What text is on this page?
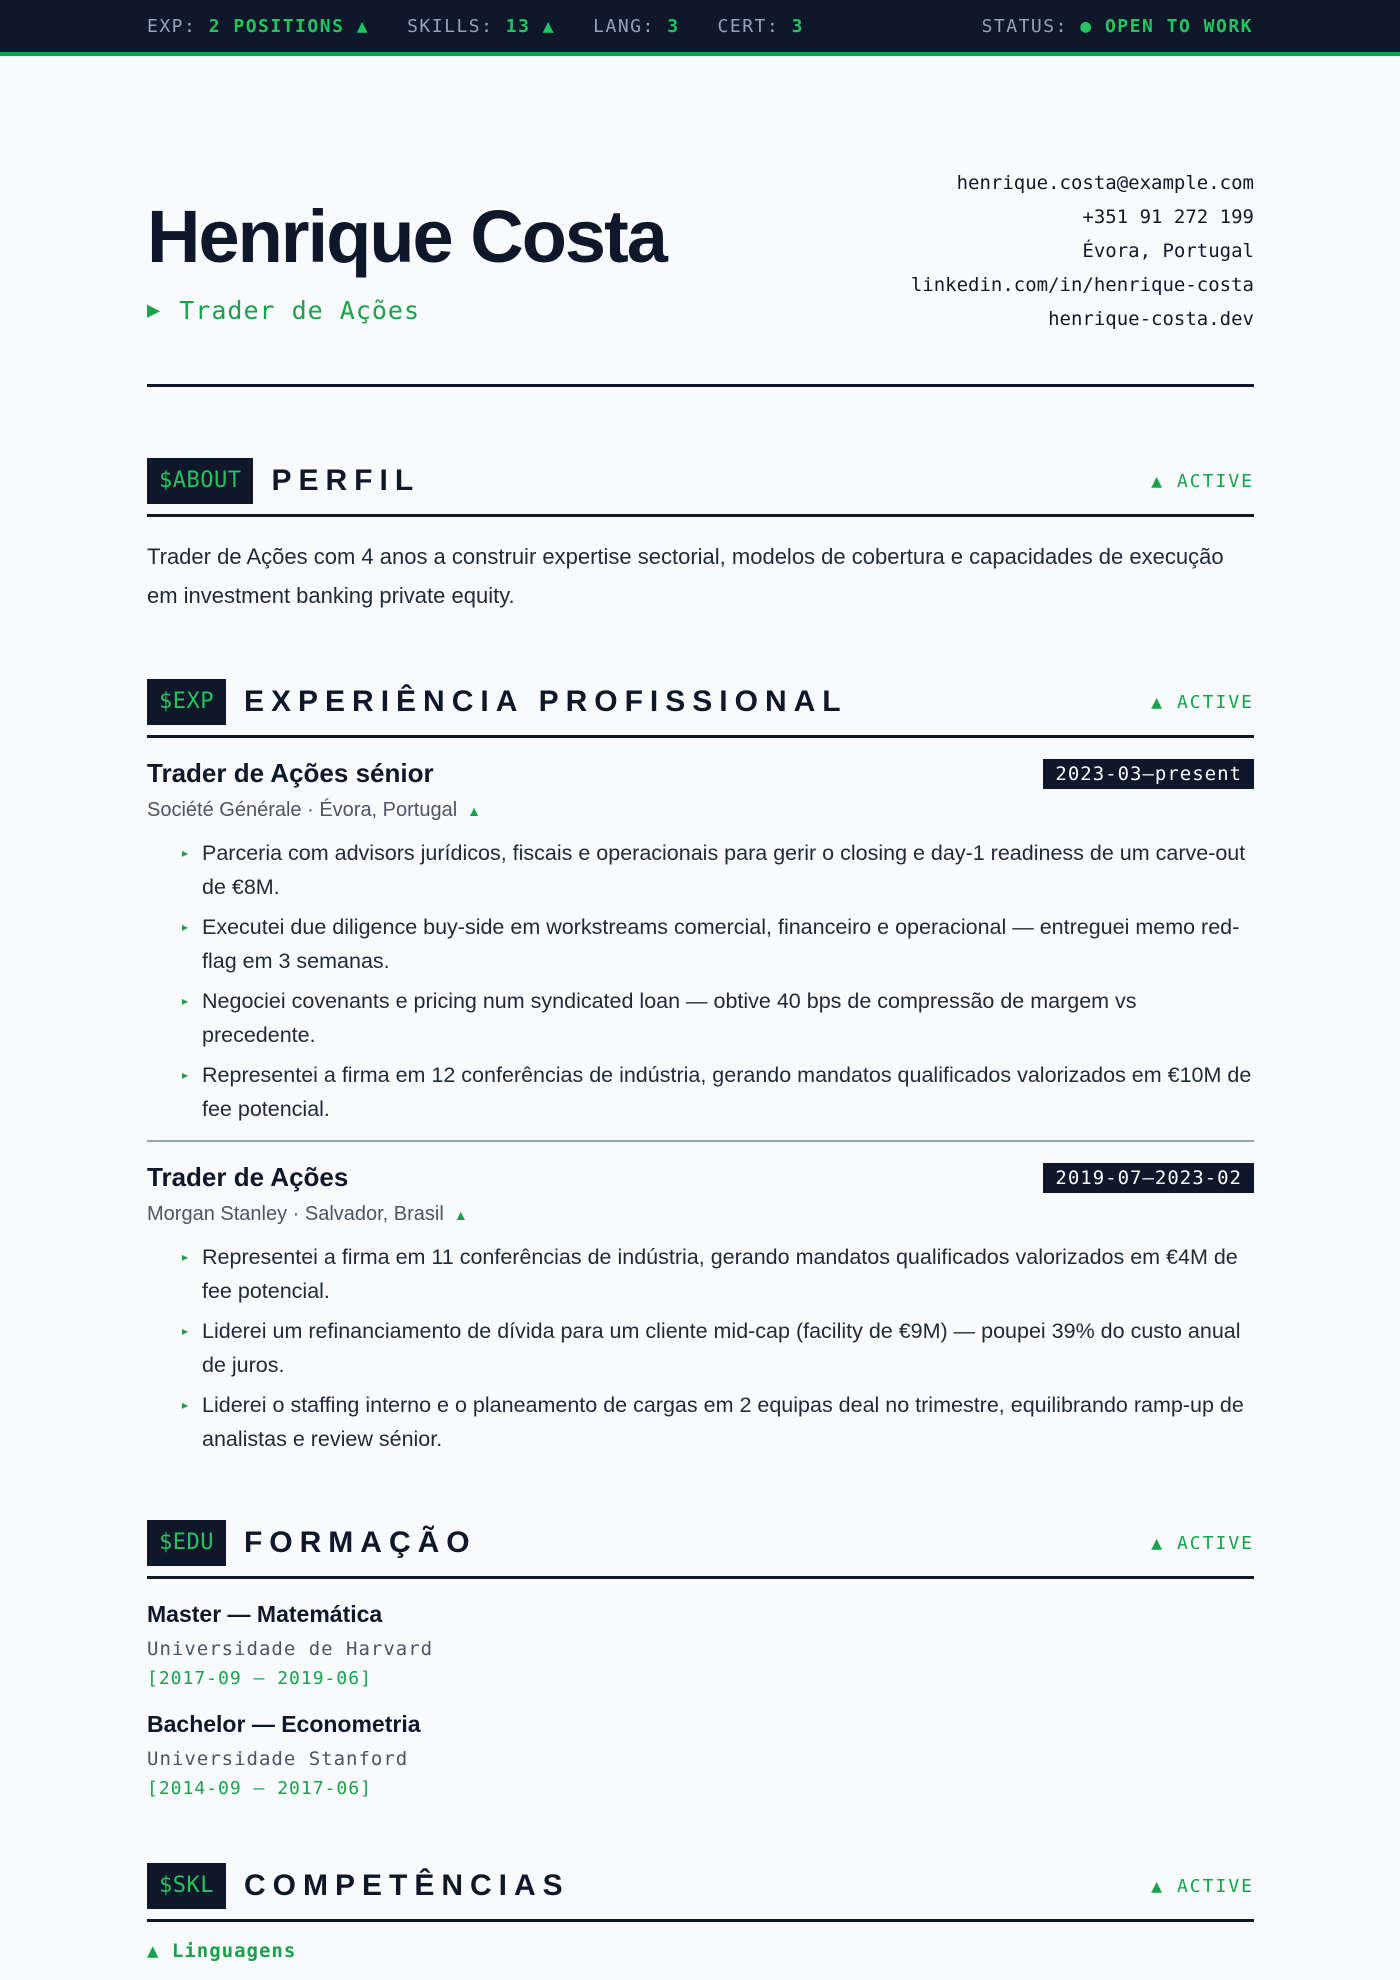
EXP: 2 POSITIONS ▲ SKILLS: 13 ▲ LANG: 3 CERT: 3	STATUS: ● OPEN TO WORK
Henrique Costa
▶ Trader de Ações
henrique.costa@example.com
+351 91 272 199
Évora, Portugal
linkedin.com/in/henrique-costa
henrique-costa.dev
$ABOUT	PERFIL	▲ ACTIVE

Trader de Ações com 4 anos a construir expertise sectorial, modelos de cobertura e capacidades de execução em investment banking private equity.

$EXP	EXPERIÊNCIA PROFISSIONAL	▲ ACTIVE
Trader de Ações sénior	2023-03—present
Société Générale · Évora, Portugal ▲
▸ Parceria com advisors jurídicos, fiscais e operacionais para gerir o closing e day-1 readiness de um carve-out de €8M.
▸ Executei due diligence buy-side em workstreams comercial, financeiro e operacional — entreguei memo red-flag em 3 semanas.
▸ Negociei covenants e pricing num syndicated loan — obtive 40 bps de compressão de margem vs precedente.
▸ Representei a firma em 12 conferências de indústria, gerando mandatos qualificados valorizados em €10M de fee potencial.
Trader de Ações	2019-07—2023-02
Morgan Stanley · Salvador, Brasil ▲
▸ Representei a firma em 11 conferências de indústria, gerando mandatos qualificados valorizados em €4M de fee potencial.
▸ Liderei um refinanciamento de dívida para um cliente mid-cap (facility de €9M) — poupei 39% do custo anual de juros.
▸ Liderei o staffing interno e o planeamento de cargas em 2 equipas deal no trimestre, equilibrando ramp-up de analistas e review sénior.
$EDU	FORMAÇÃO	▲ ACTIVE
Master — Matemática
Universidade de Harvard
[2017-09 – 2019-06]
Bachelor — Econometria
Universidade Stanford
[2014-09 – 2017-06]
$SKL	COMPETÊNCIAS	▲ ACTIVE
▲ Linguagens
